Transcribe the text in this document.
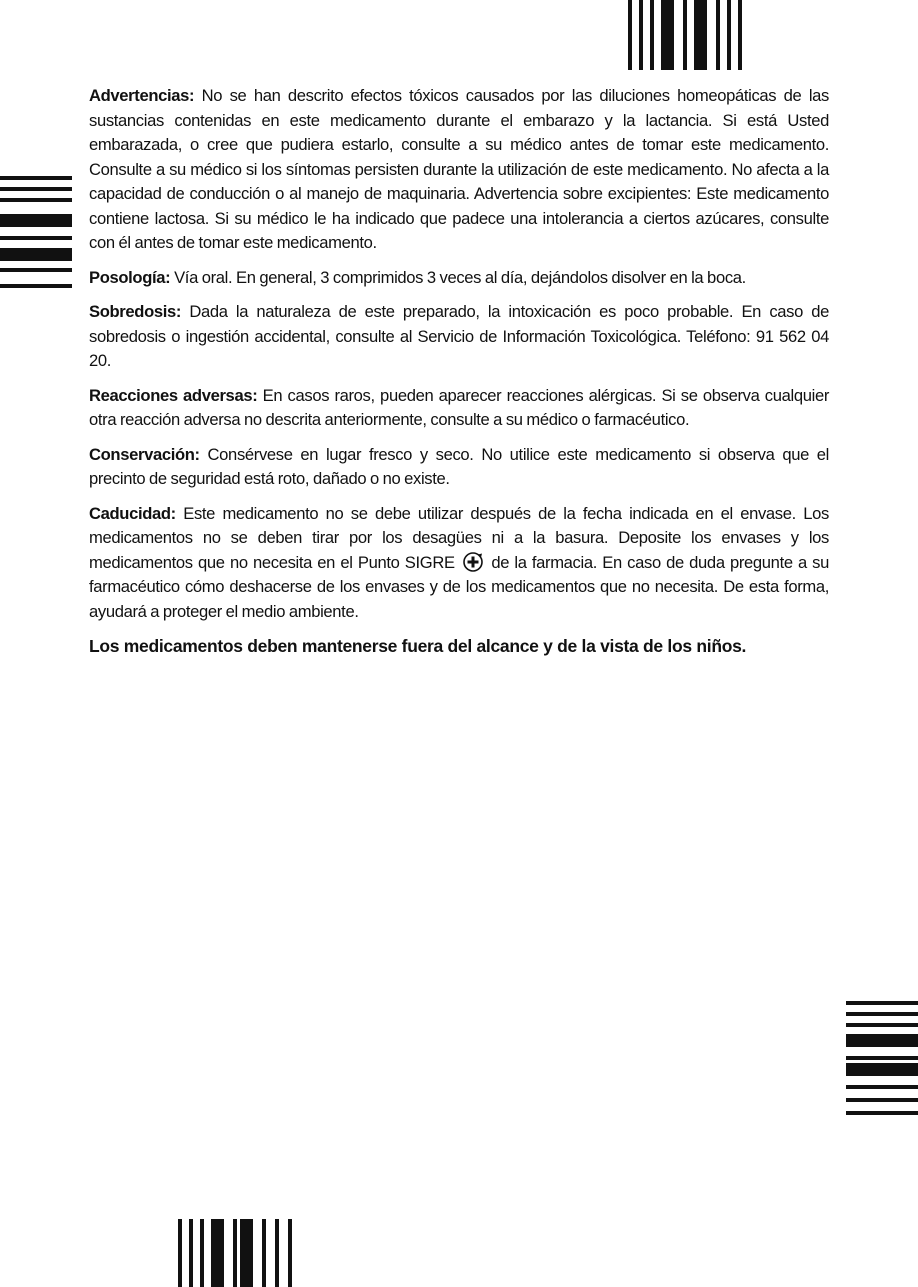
Advertencias: No se han descrito efectos tóxicos causados por las diluciones homeopáticas de las sustancias contenidas en este medicamento durante el embarazo y la lactancia. Si está Usted embarazada, o cree que pudiera estarlo, consulte a su médico antes de tomar este medicamento. Consulte a su médico si los síntomas persisten durante la utilización de este medicamento. No afecta a la capacidad de conducción o al manejo de maquinaria. Advertencia sobre excipientes: Este medicamento contiene lactosa. Si su médico le ha indicado que padece una intolerancia a ciertos azúcares, consulte con él antes de tomar este medicamento.

Posología: Vía oral. En general, 3 comprimidos 3 veces al día, dejándolos disolver en la boca.

Sobredosis: Dada la naturaleza de este preparado, la intoxicación es poco probable. En caso de sobredosis o ingestión accidental, consulte al Servicio de Información Toxicológica. Teléfono: 91 562 04 20.

Reacciones adversas: En casos raros, pueden aparecer reacciones alérgicas. Si se observa cualquier otra reacción adversa no descrita anteriormente, consulte a su médico o farmacéutico.

Conservación: Consérvese en lugar fresco y seco. No utilice este medicamento si observa que el precinto de seguridad está roto, dañado o no existe.

Caducidad: Este medicamento no se debe utilizar después de la fecha indicada en el envase. Los medicamentos no se deben tirar por los desagües ni a la basura. Deposite los envases y los medicamentos que no necesita en el Punto SIGRE de la farmacia. En caso de duda pregunte a su farmacéutico cómo deshacerse de los envases y de los medicamentos que no necesita. De esta forma, ayudará a proteger el medio ambiente.

Los medicamentos deben mantenerse fuera del alcance y de la vista de los niños.
